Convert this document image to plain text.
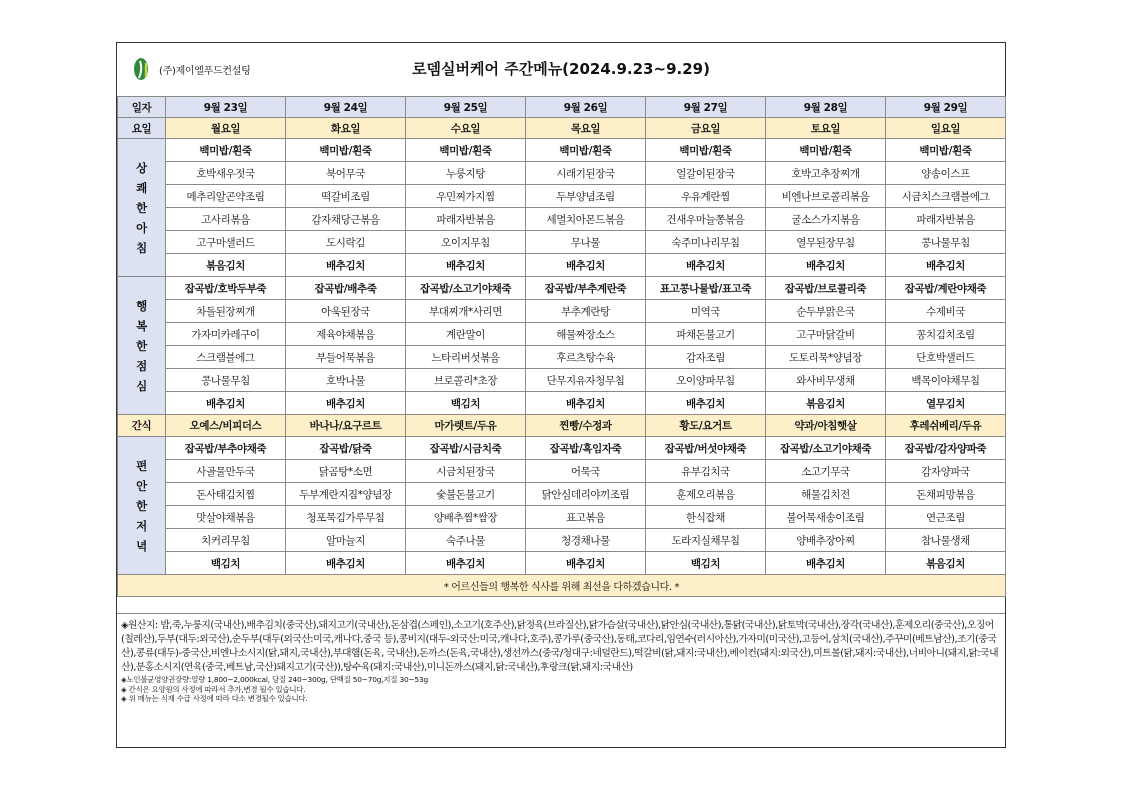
(주)제이엘푸드컨설팅	로뎀실버케어 주간메뉴(2024.9.23~9.29)
일자	9월 23일	9월 24일	9월 25일	9월 26일	9월 27일	9월 28일	9월 29일
요일	월요일	화요일	수요일	목요일	금요일	토요일	일요일

상
쾌
한
아
침	백미밥/흰죽	백미밥/흰죽	백미밥/흰죽	백미밥/흰죽	백미밥/흰죽	백미밥/흰죽	백미밥/흰죽
	호박새우젓국	북어무국	누룽지탕	시래기된장국	얼갈이된장국	호박고추장찌개	양송이스프
	메추리알곤약조림	떡갈비조림	우민찌가지찜	두부양념조림	우유계란찜	비엔나브로콜리볶음	시금치스크램블에그
	고사리볶음	감자채당근볶음	파래자반볶음	세멸치아몬드볶음	건새우마늘쫑볶음	굴소스가지볶음	파래자반볶음
	고구마샐러드	도시락김	오이지무침	무나물	숙주미나리무침	열무된장무침	콩나물무침
	볶음김치	배추김치	배추김치	배추김치	배추김치	배추김치	배추김치

행
복
한
점
심	잡곡밥/호박두부죽	잡곡밥/배추죽	잡곡밥/소고기야채죽	잡곡밥/부추계란죽	표고콩나물밥/표고죽	잡곡밥/브로콜리죽	잡곡밥/계란야채죽
	차돌된장찌개	아욱된장국	부대찌개*사리면	부추계란탕	미역국	순두부맑은국	수제비국
	가자미카레구이	제육야채볶음	계란말이	해물짜장소스	파채돈불고기	고구마닭갈비	꽁치김치조림
	스크램블에그	부들어묵볶음	느타리버섯볶음	후르츠탕수육	감자조림	도토리묵*양념장	단호박샐러드
	콩나물무침	호박나물	브로콜리*초장	단무지유자청무침	오이양파무침	와사비무생채	백목이야채무침
	배추김치	배추김치	백김치	배추김치	배추김치	볶음김치	열무김치
간식	오예스/비피더스	바나나/요구르트	마가렛트/두유	찐빵/수정과	황도/요거트	약과/아침햇살	후레쉬베리/두유

편
안
한
저
녁	잡곡밥/부추야채죽	잡곡밥/닭죽	잡곡밥/시금치죽	잡곡밥/흑임자죽	잡곡밥/버섯야채죽	잡곡밥/소고기야채죽	잡곡밥/감자양파죽
	사골물만두국	닭곰탕*소면	시금치된장국	어묵국	유부김치국	소고기무국	감자양파국
	돈사태김치찜	두부계란지짐*양념장	숯불돈불고기	닭안심데리야끼조림	훈제오리볶음	해물김치전	돈채피망볶음
	맛살야채볶음	청포묵김가루무침	양배추찜*쌈장	표고볶음	한식잡채	불어묵새송이조림	연근조림
	치커리무침	알마늘지	숙주나물	청경채나물	도라지실채무침	양배추장아찌	참나물생채
	백김치	배추김치	배추김치	배추김치	백김치	배추김치	볶음김치
* 어르신들의 행복한 식사를 위해 최선을 다하겠습니다. *							
◈원산지: 밥,죽,누룽지(국내산),배추김치(중국산),돼지고기(국내산),돈삼겹(스페인),소고기(호주산),닭정육(브라질산),닭가슴살(국내산),닭안심(국내산),통닭(국내산),닭토막(국내산),장각(국내산),훈제오리(중국산),오징어(칠레산),두부(대두:외국산),순두부(대두(외국산:미국,캐나다,중국 등),콩비지(대두-외국산:미국,캐나다,호주),콩가루(중국산),동태,코다리,임연수(러시아산),가자미(미국산),고등어,삼치(국내산),주꾸미(베트남산),조기(중국산),콩류(대두)-중국산,비엔나소시지(닭,돼지,국내산),부대햄(돈육, 국내산),돈까스(돈육,국내산),생선까스(중국/청대구:네덜란드),떡갈비(닭,돼지:국내산),베이컨(돼지:외국산),미트볼(닭,돼지:국내산),너비아니(돼지,닭:국내산),분홍소시지(연육(중국,베트남,국산)돼지고기(국산)),탕수육(돼지:국내산),미니돈까스(돼지,닭:국내산),후랑크(닭,돼지:국내산)
◈노인볼균영양권장량:열량 1,800~2,000kcal, 당질 240~300g, 단백질 50~70g,지질 30~53g
◈ 간식은 요양원의 사정에 따라서 추가,변경 될수 있습니다.
◈ 위 메뉴는 식재 수급 사정에 따라 다소 변경될수 있습니다.
